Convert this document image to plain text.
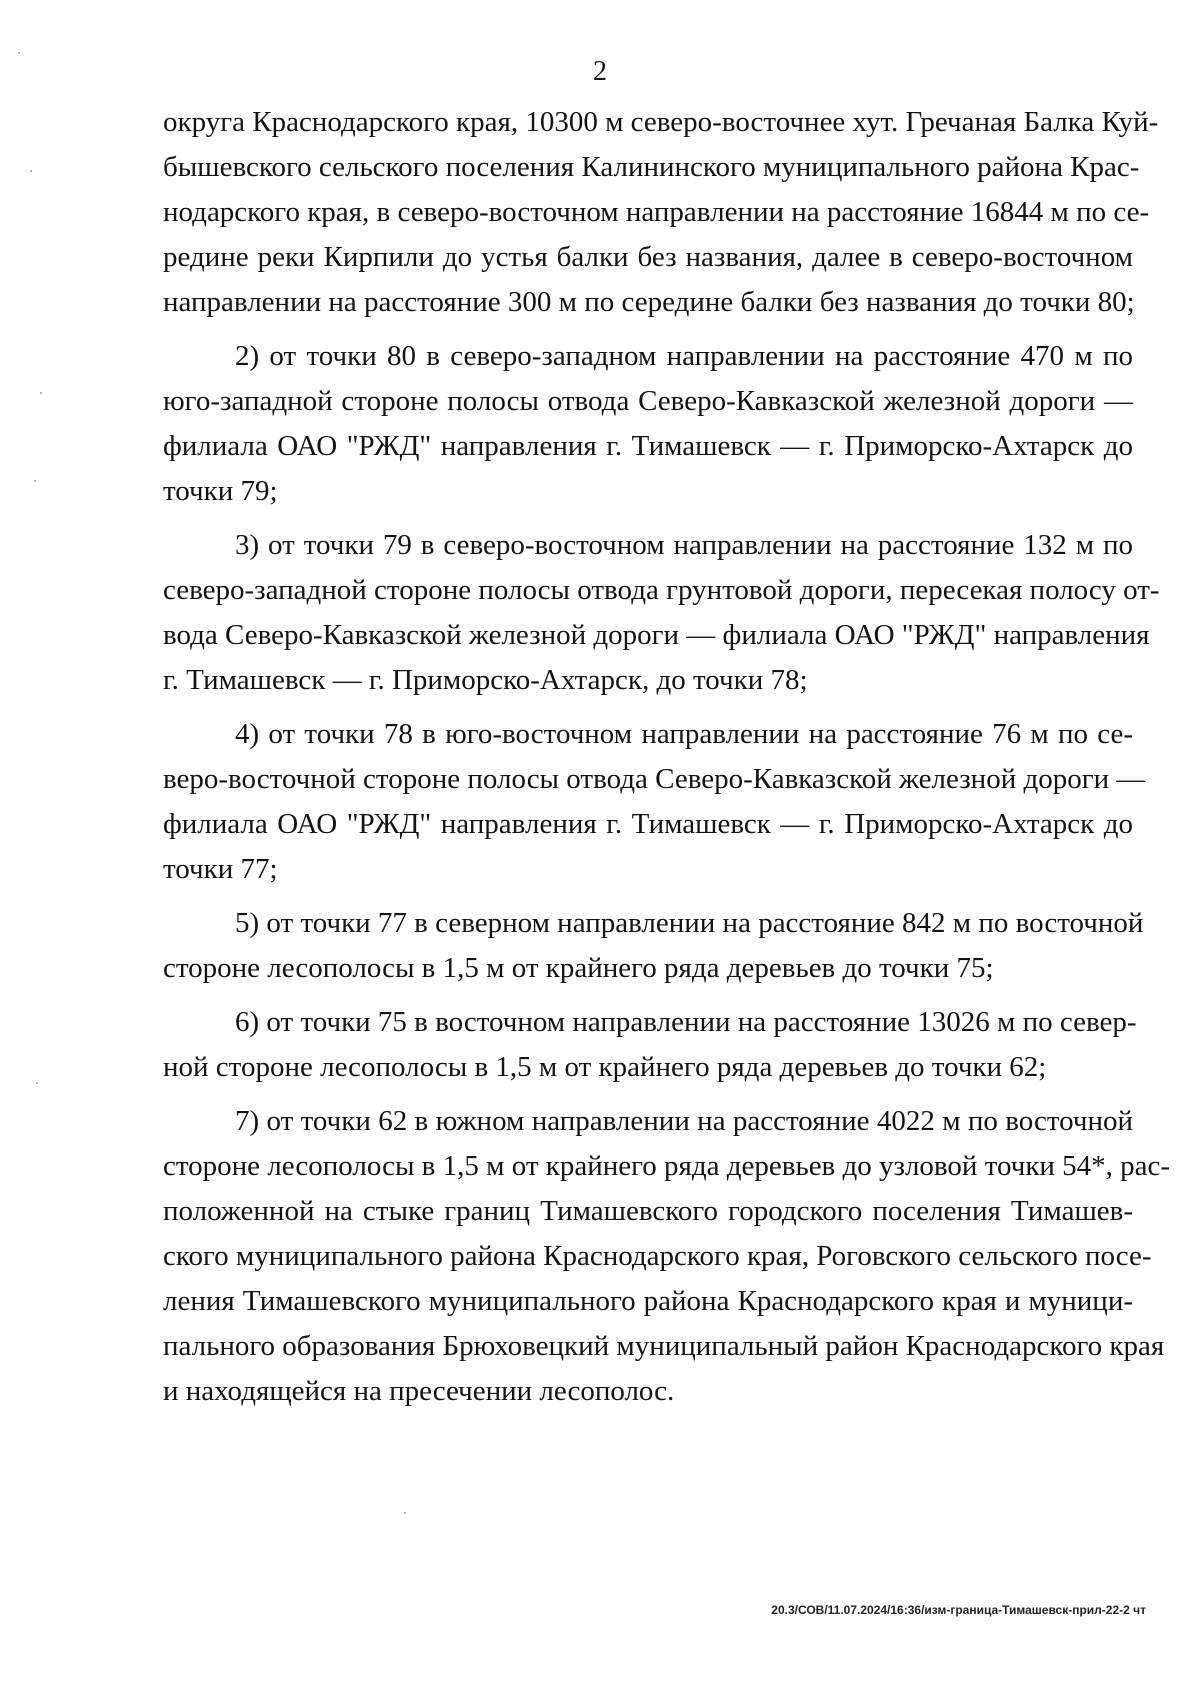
2
округа Краснодарского края, 10300 м северо-восточнее хут. Гречаная Балка Куй-
бышевского сельского поселения Калининского муниципального района Крас-
нодарского края, в северо-восточном направлении на расстояние 16844 м по се-
редине реки Кирпили до устья балки без названия, далее в северо-восточном
направлении на расстояние 300 м по середине балки без названия до точки 80;
2) от точки 80 в северо-западном направлении на расстояние 470 м по
юго-западной стороне полосы отвода Северо-Кавказской железной дороги —
филиала ОАО "РЖД" направления г. Тимашевск — г. Приморско-Ахтарск до
точки 79;
3) от точки 79 в северо-восточном направлении на расстояние 132 м по
северо-западной стороне полосы отвода грунтовой дороги, пересекая полосу от-
вода Северо-Кавказской железной дороги — филиала ОАО "РЖД" направления
г. Тимашевск — г. Приморско-Ахтарск, до точки 78;
4) от точки 78 в юго-восточном направлении на расстояние 76 м по се-
веро-восточной стороне полосы отвода Северо-Кавказской железной дороги —
филиала ОАО "РЖД" направления г. Тимашевск — г. Приморско-Ахтарск до
точки 77;
5) от точки 77 в северном направлении на расстояние 842 м по восточной
стороне лесополосы в 1,5 м от крайнего ряда деревьев до точки 75;
6) от точки 75 в восточном направлении на расстояние 13026 м по север-
ной стороне лесополосы в 1,5 м от крайнего ряда деревьев до точки 62;
7) от точки 62 в южном направлении на расстояние 4022 м по восточной
стороне лесополосы в 1,5 м от крайнего ряда деревьев до узловой точки 54*, рас-
положенной на стыке границ Тимашевского городского поселения Тимашев-
ского муниципального района Краснодарского края, Роговского сельского посе-
ления Тимашевского муниципального района Краснодарского края и муници-
пального образования Брюховецкий муниципальный район Краснодарского края
и находящейся на пресечении лесополос.
20.3/СОВ/11.07.2024/16:36/изм-граница-Тимашевск-прил-22-2 чт
